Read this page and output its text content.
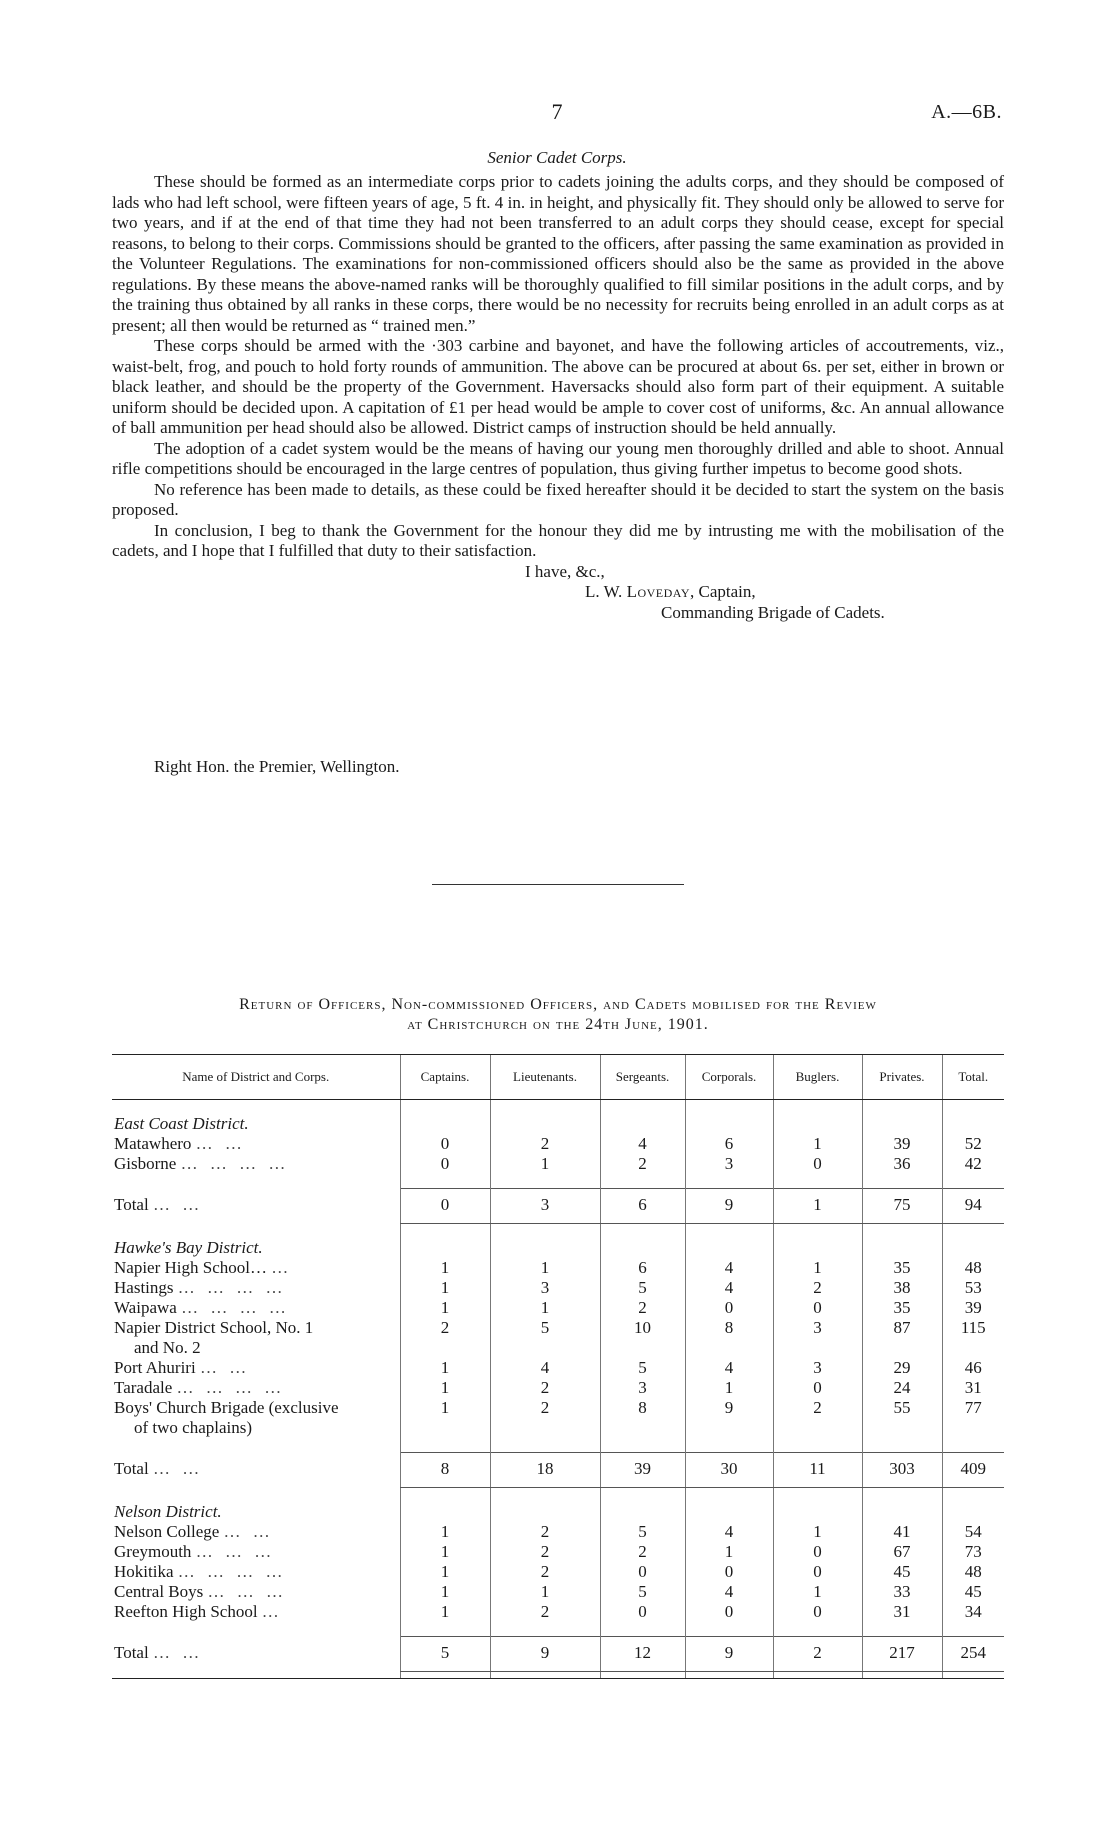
7	A.—6B.
Senior Cadet Corps.

These should be formed as an intermediate corps prior to cadets joining the adults corps, and they should be composed of lads who had left school, were fifteen years of age, 5 ft. 4 in. in height, and physically fit. They should only be allowed to serve for two years, and if at the end of that time they had not been transferred to an adult corps they should cease, except for special reasons, to belong to their corps. Commissions should be granted to the officers, after passing the same examination as provided in the Volunteer Regulations. The examinations for non-commissioned officers should also be the same as provided in the above regulations. By these means the above-named ranks will be thoroughly qualified to fill similar positions in the adult corps, and by the training thus obtained by all ranks in these corps, there would be no necessity for recruits being enrolled in an adult corps as at present; all then would be returned as “ trained men.”

These corps should be armed with the ·303 carbine and bayonet, and have the following articles of accoutrements, viz., waist-belt, frog, and pouch to hold forty rounds of ammunition. The above can be procured at about 6s. per set, either in brown or black leather, and should be the property of the Government. Haversacks should also form part of their equipment. A suitable uniform should be decided upon. A capitation of £1 per head would be ample to cover cost of uniforms, &c. An annual allowance of ball ammunition per head should also be allowed. District camps of instruction should be held annually.

The adoption of a cadet system would be the means of having our young men thoroughly drilled and able to shoot. Annual rifle competitions should be encouraged in the large centres of population, thus giving further impetus to become good shots.

No reference has been made to details, as these could be fixed hereafter should it be decided to start the system on the basis proposed.

In conclusion, I beg to thank the Government for the honour they did me by intrusting me with the mobilisation of the cadets, and I hope that I fulfilled that duty to their satisfaction.

I have, &c.,
L. W. Loveday, Captain,
Commanding Brigade of Cadets.
Right Hon. the Premier, Wellington.
Return of Officers, Non-commissioned Officers, and Cadets mobilised for the Review
at Christchurch on the 24th June, 1901.
Name of District and Corps.	Captains.	Lieutenants.	Sergeants.	Corporals.	Buglers.	Privates.	Total.

East Coast District.							
Matawhero … …	0	2	4	6	1	39	52
Gisborne … … … …	0	1	2	3	0	36	42

Total … …	0	3	6	9	1	75	94

Hawke's Bay District.							
Napier High School… …	1	1	6	4	1	35	48
Hastings … … … …	1	3	5	4	2	38	53
Waipawa … … … …	1	1	2	0	0	35	39
Napier District School, No. 1
and No. 2	2	5	10	8	3	87	115
Port Ahuriri … …	1	4	5	4	3	29	46
Taradale … … … …	1	2	3	1	0	24	31
Boys' Church Brigade (exclusive
of two chaplains)	1	2	8	9	2	55	77

Total … …	8	18	39	30	11	303	409

Nelson District.							
Nelson College … …	1	2	5	4	1	41	54
Greymouth … … …	1	2	2	1	0	67	73
Hokitika … … … …	1	2	0	0	0	45	48
Central Boys … … …	1	1	5	4	1	33	45
Reefton High School …	1	2	0	0	0	31	34

Total … …	5	9	12	9	2	217	254
